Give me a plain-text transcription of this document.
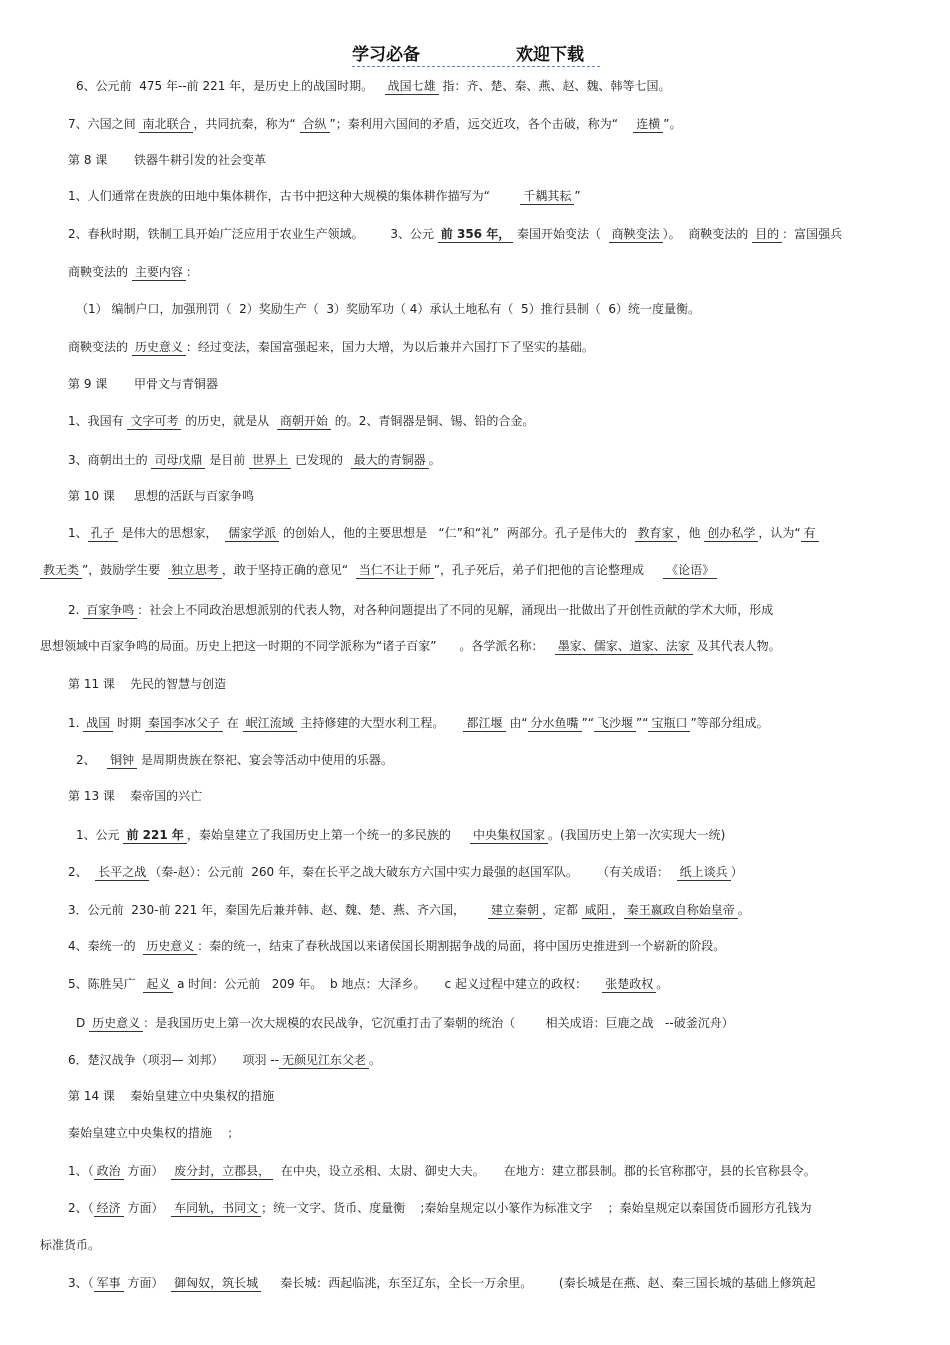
学习必备	欢迎下载

6、公元前  475 年--前 221 年，是历史上的战国时期。   战国七雄 指：齐、楚、秦、燕、赵、魏、韩等七国。

7、六国之间 南北联合 ，共同抗秦，称为“ 合纵 ”；秦利用六国间的矛盾，远交近攻，各个击破，称为“    连横 ”。

第 8 课       铁器牛耕引发的社会变革

1、人们通常在贵族的田地中集体耕作，古书中把这种大规模的集体耕作描写为“        千耦其耘 ”

2、春秋时期，铁制工具开始广泛应用于农业生产领域。       3、公元 前 356 年， 秦国开始变法（  商鞅变法 ）。  商鞅变法的 目的 ：富国强兵

商鞅变法的 主要内容 ：

（1） 编制户口，加强刑罚（  2）奖励生产（  3）奖励军功（ 4）承认土地私有（  5）推行县制（  6）统一度量衡。

商鞅变法的 历史意义 ：经过变法，秦国富强起来，国力大增，为以后兼并六国打下了坚实的基础。

第 9 课       甲骨文与青铜器

1、我国有 文字可考 的历史，就是从  商朝开始 的。2、青铜器是铜、锡、铅的合金。

3、商朝出土的 司母戊鼎 是目前 世界上 已发现的  最大的青铜器 。

第 10 课     思想的活跃与百家争鸣

1、 孔子 是伟大的思想家，  儒家学派 的创始人，他的主要思想是   “仁”和“礼”  两部分。孔子是伟大的  教育家 ，他 创办私学 ，认为“ 有

教无类 ”，鼓励学生要  独立思考 ，敢于坚持正确的意见“  当仁不让于师 ”，孔子死后，弟子们把他的言论整理成     《论语》

2. 百家争鸣 ：社会上不同政治思想派别的代表人物，对各种问题提出了不同的见解，涌现出一批做出了开创性贡献的学术大师，形成

思想领域中百家争鸣的局面。历史上把这一时期的不同学派称为“诸子百家”      。各学派名称：   墨家、儒家、道家、法家 及其代表人物。

第 11 课    先民的智慧与创造

1. 战国 时期 秦国李冰父子 在 岷江流域 主持修建的大型水利工程。     都江堰 由“ 分水鱼嘴 ”“ 飞沙堰 ”“ 宝瓶口 ”等部分组成。

2、   铜钟 是周期贵族在祭祀、宴会等活动中使用的乐器。

第 13 课    秦帝国的兴亡

1、公元 前 221 年 ，秦始皇建立了我国历史上第一个统一的多民族的     中央集权国家 。(我国历史上第一次实现大一统)

2、  长平之战 （秦-赵）：公元前  260 年，秦在长平之战大破东方六国中实力最强的赵国军队。     （有关成语：  纸上谈兵 ）

3．公元前  230-前 221 年，秦国先后兼并韩、赵、魏、楚、燕、齐六国，      建立秦朝 ，定都 咸阳 ， 秦王嬴政自称始皇帝 。

4、秦统一的  历史意义 ：秦的统一，结束了春秋战国以来诸侯国长期割据争战的局面，将中国历史推进到一个崭新的阶段。

5、陈胜吴广  起义 a 时间：公元前   209 年。  b 地点：大泽乡。     c 起义过程中建立的政权：    张楚政权 。

D 历史意义 ：是我国历史上第一次大规模的农民战争，它沉重打击了秦朝的统治（        相关成语：巨鹿之战   --破釜沉舟）

6．楚汉战争（项羽— 刘邦）     项羽 -- 无颜见江东父老 。

第 14 课    秦始皇建立中央集权的措施

秦始皇建立中央集权的措施    ；

1、（ 政治 方面）  废分封，立郡县，  在中央，设立丞相、太尉、御史大夫。     在地方：建立郡县制。郡的长官称郡守，县的长官称县令。

2、（ 经济 方面）  车同轨，书同文 ；统一文字、货币、度量衡    ;秦始皇规定以小篆作为标准文字    ；秦始皇规定以秦国货币圆形方孔钱为

标准货币。

3、（ 军事 方面）  御匈奴，筑长城     秦长城：西起临洮，东至辽东，全长一万余里。       (秦长城是在燕、赵、秦三国长城的基础上修筑起
